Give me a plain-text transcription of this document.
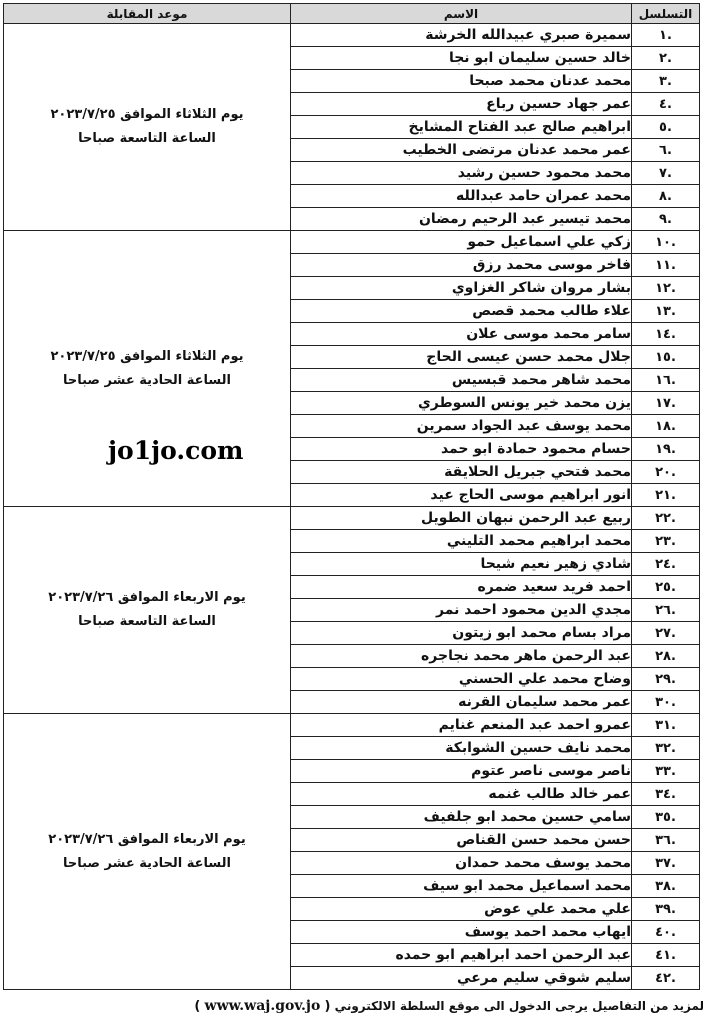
التسلسل	الاسم	موعد المقابلة
.١	سميرة صبري عبيدالله الخرشة	يوم الثلاثاء الموافق ٢٠٢٣/٧/٢٥
الساعة التاسعة صباحا

.٢	خالد حسين سليمان ابو نجا	
.٣	محمد عدنان محمد صبحا	
.٤	عمر جهاد حسين رباع	
.٥	ابراهيم صالح عبد الفتاح المشايخ	
.٦	عمر محمد عدنان مرتضى الخطيب	
.٧	محمد محمود حسين رشيد	
.٨	محمد عمران حامد عبدالله	
.٩	محمد تيسير عبد الرحيم رمضان	
.١٠	زكي علي اسماعيل حمو	يوم الثلاثاء الموافق ٢٠٢٣/٧/٢٥
الساعة الحادية عشر صباحا

.١١	فاخر موسى محمد رزق	
.١٢	بشار مروان شاكر الغزاوي	
.١٣	علاء طالب محمد قصص	
.١٤	سامر محمد موسى علان	
.١٥	جلال محمد حسن عيسى الحاج	
.١٦	محمد شاهر محمد قبسيس	
.١٧	يزن محمد خير يونس السوطري	
.١٨	محمد يوسف عبد الجواد سمرين	
.١٩	حسام محمود حمادة ابو حمد	
.٢٠	محمد فتحي جبريل الحلايقة	
.٢١	انور ابراهيم موسى الحاج عيد	
.٢٢	ربيع عبد الرحمن نبهان الطويل	يوم الاربعاء الموافق ٢٠٢٣/٧/٢٦
الساعة التاسعة صباحا

.٢٣	محمد ابراهيم محمد التليني	
.٢٤	شادي زهير نعيم شيحا	
.٢٥	احمد فريد سعيد ضمره	
.٢٦	مجدي الدين محمود احمد نمر	
.٢٧	مراد بسام محمد ابو زيتون	
.٢٨	عبد الرحمن ماهر محمد نجاجره	
.٢٩	وضاح محمد علي الحسني	
.٣٠	عمر محمد سليمان القرنه	
.٣١	عمرو احمد عبد المنعم غنايم	يوم الاربعاء الموافق ٢٠٢٣/٧/٢٦
الساعة الحادية عشر صباحا

.٣٢	محمد نايف حسين الشوابكة	
.٣٣	ناصر موسى ناصر عتوم	
.٣٤	عمر خالد طالب غنمه	
.٣٥	سامي حسين محمد ابو جلفيف	
.٣٦	حسن محمد حسن القناص	
.٣٧	محمد يوسف محمد حمدان	
.٣٨	محمد اسماعيل محمد ابو سيف	
.٣٩	علي محمد علي عوض	
.٤٠	ايهاب محمد احمد يوسف	
.٤١	عبد الرحمن احمد ابراهيم ابو حمده	
.٤٢	سليم شوقي سليم مرعي	
jo1jo.com
لمزيد من التفاصيل يرجى الدخول الى موقع السلطة الالكتروني ( www.waj.gov.jo )
